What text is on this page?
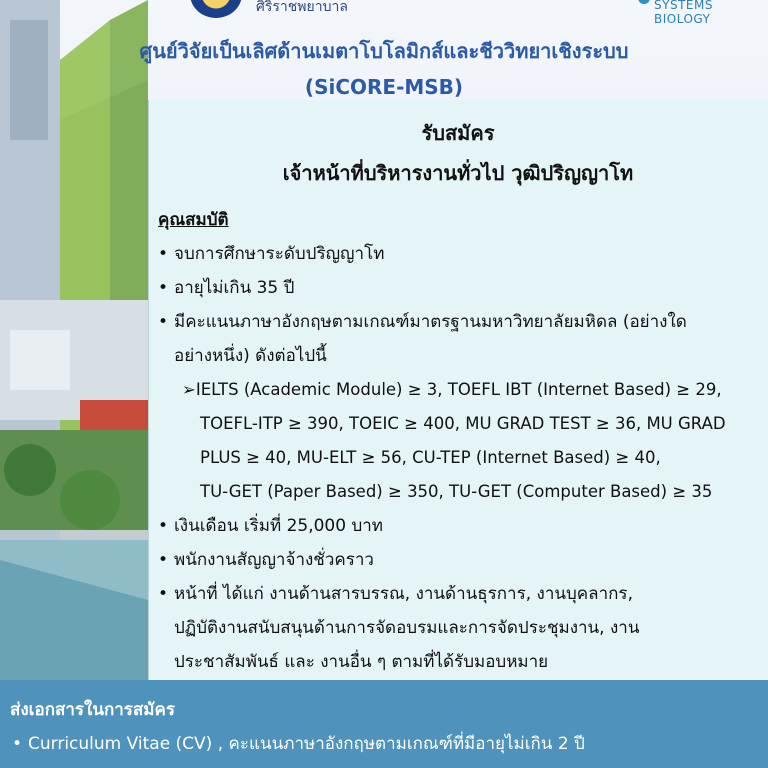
ศิริราชพยาบาล	SYSTEMS BIOLOGY
ศูนย์วิจัยเป็นเลิศด้านเมตาโบโลมิกส์และชีววิทยาเชิงระบบ
(SiCORE-MSB)
รับสมัคร
เจ้าหน้าที่บริหารงานทั่วไป วุฒิปริญญาโท
คุณสมบัติ
• จบการศึกษาระดับปริญญาโท
• อายุไม่เกิน 35 ปี
• มีคะแนนภาษาอังกฤษตามเกณฑ์มาตรฐานมหาวิทยาลัยมหิดล (อย่างใด
อย่างหนึ่ง) ดังต่อไปนี้
➢IELTS (Academic Module) ≥ 3, TOEFL IBT (Internet Based) ≥ 29,
TOEFL-ITP ≥ 390, TOEIC ≥ 400, MU GRAD TEST ≥ 36, MU GRAD
PLUS ≥ 40, MU-ELT ≥ 56, CU-TEP (Internet Based) ≥ 40,
TU-GET (Paper Based) ≥ 350, TU-GET (Computer Based) ≥ 35
• เงินเดือน เริ่มที่ 25,000 บาท
• พนักงานสัญญาจ้างชั่วคราว
• หน้าที่ ได้แก่ งานด้านสารบรรณ, งานด้านธุรการ, งานบุคลากร,
ปฏิบัติงานสนับสนุนด้านการจัดอบรมและการจัดประชุมงาน, งาน
ประชาสัมพันธ์ และ งานอื่น ๆ ตามที่ได้รับมอบหมาย
ส่งเอกสารในการสมัคร
• Curriculum Vitae (CV) , คะแนนภาษาอังกฤษตามเกณฑ์ที่มีอายุไม่เกิน 2 ปี
